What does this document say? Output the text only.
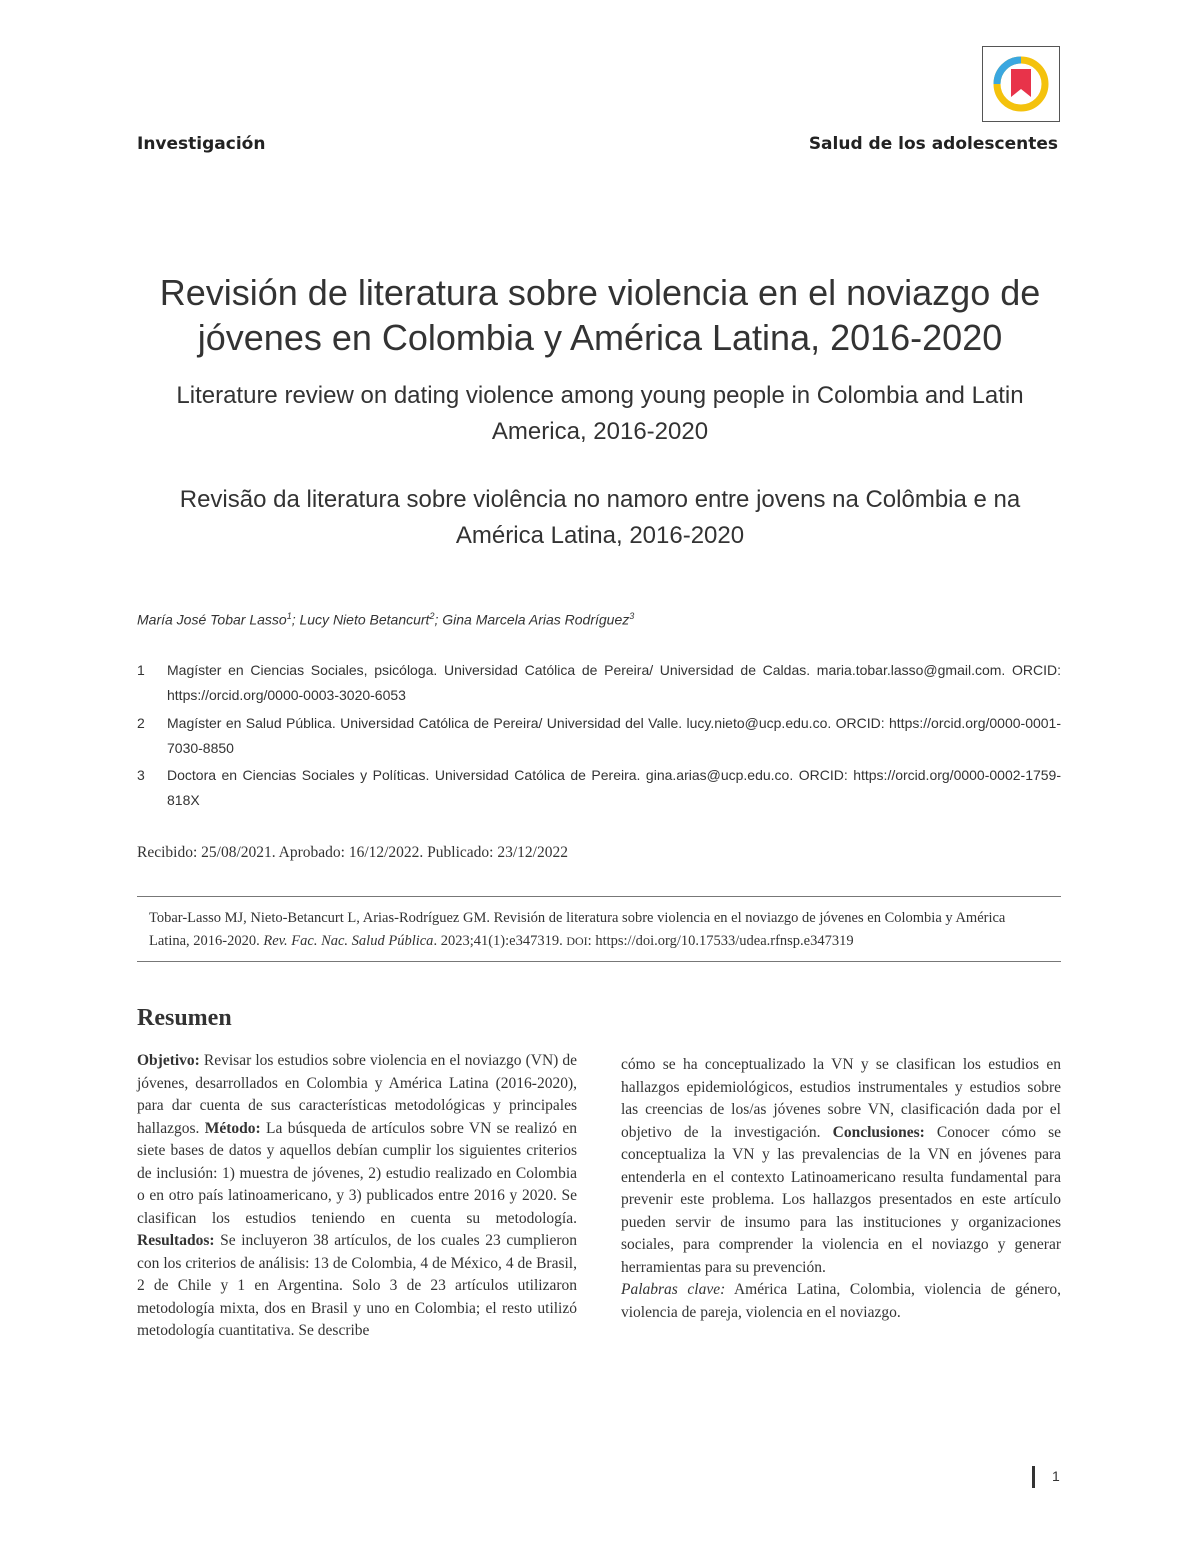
Investigación	Salud de los adolescentes
Revisión de literatura sobre violencia en el noviazgo de jóvenes en Colombia y América Latina, 2016-2020
Literature review on dating violence among young people in Colombia and Latin America, 2016-2020
Revisão da literatura sobre violência no namoro entre jovens na Colômbia e na América Latina, 2016-2020
María José Tobar Lasso$^1$; Lucy Nieto Betancurt$^2$; Gina Marcela Arias Rodríguez$^3$
1 Magíster en Ciencias Sociales, psicóloga. Universidad Católica de Pereira/ Universidad de Caldas. maria.tobar.lasso@gmail.com. ORCID: https://orcid.org/0000-0003-3020-6053
2 Magíster en Salud Pública. Universidad Católica de Pereira/ Universidad del Valle. lucy.nieto@ucp.edu.co. ORCID: https://orcid.org/0000-0001-7030-8850
3 Doctora en Ciencias Sociales y Políticas. Universidad Católica de Pereira. gina.arias@ucp.edu.co. ORCID: https://orcid.org/0000-0002-1759-818X
Recibido: 25/08/2021. Aprobado: 16/12/2022. Publicado: 23/12/2022
Tobar-Lasso MJ, Nieto-Betancurt L, Arias-Rodríguez GM. Revisión de literatura sobre violencia en el noviazgo de jóvenes en Colombia y América Latina, 2016-2020. Rev. Fac. Nac. Salud Pública. 2023;41(1):e347319. DOI: https://doi.org/10.17533/udea.rfnsp.e347319
Resumen
Objetivo: Revisar los estudios sobre violencia en el noviazgo (VN) de jóvenes, desarrollados en Colombia y América Latina (2016-2020), para dar cuenta de sus características metodológicas y principales hallazgos. Método: La búsqueda de artículos sobre VN se realizó en siete bases de datos y aquellos debían cumplir los siguientes criterios de inclusión: 1) muestra de jóvenes, 2) estudio realizado en Colombia o en otro país latinoamericano, y 3) publicados entre 2016 y 2020. Se clasifican los estudios teniendo en cuenta su metodología. Resultados: Se incluyeron 38 artículos, de los cuales 23 cumplieron con los criterios de análisis: 13 de Colombia, 4 de México, 4 de Brasil, 2 de Chile y 1 en Argentina. Solo 3 de 23 artículos utilizaron metodología mixta, dos en Brasil y uno en Colombia; el resto utilizó metodología cuantitativa. Se describe
cómo se ha conceptualizado la VN y se clasifican los estudios en hallazgos epidemiológicos, estudios instrumentales y estudios sobre las creencias de los/as jóvenes sobre VN, clasificación dada por el objetivo de la investigación. Conclusiones: Conocer cómo se conceptualiza la VN y las prevalencias de la VN en jóvenes para entenderla en el contexto Latinoamericano resulta fundamental para prevenir este problema. Los hallazgos presentados en este artículo pueden servir de insumo para las instituciones y organizaciones sociales, para comprender la violencia en el noviazgo y generar herramientas para su prevención.
Palabras clave: América Latina, Colombia, violencia de género, violencia de pareja, violencia en el noviazgo.
1
